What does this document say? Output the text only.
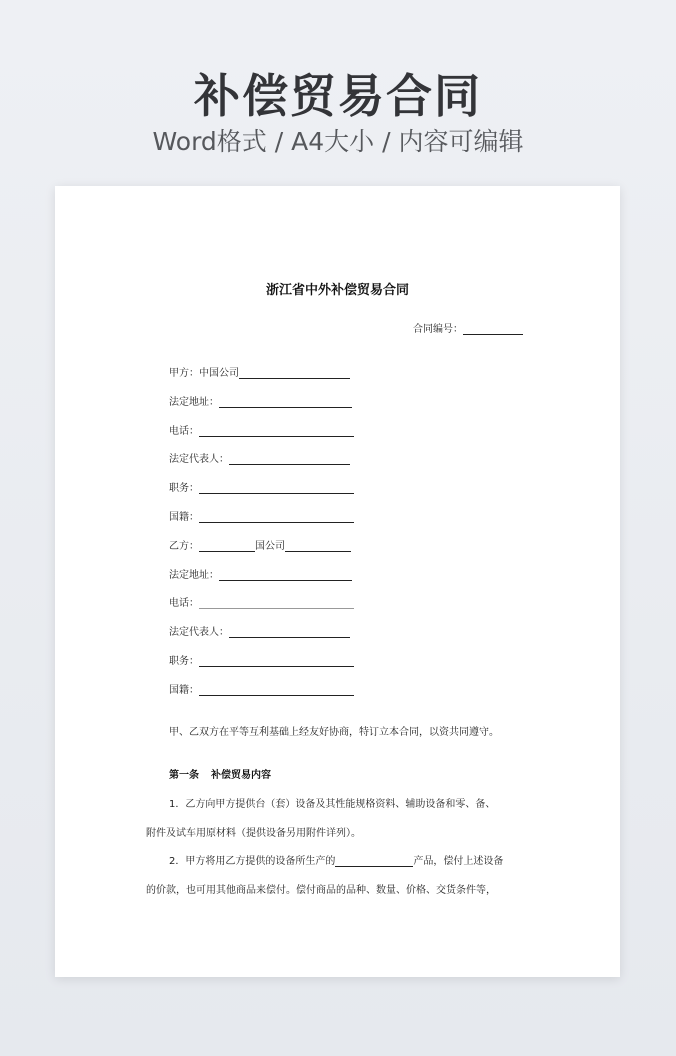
补偿贸易合同
Word格式 / A4大小 / 内容可编辑
浙江省中外补偿贸易合同
合同编号：
甲方：中国公司
法定地址：
电话：
法定代表人：
职务：
国籍：
乙方：	国公司
法定地址：
电话：
法定代表人：
职务：
国籍：
甲、乙双方在平等互利基础上经友好协商，特订立本合同，以资共同遵守。
第一条 补偿贸易内容
1．乙方向甲方提供台（套）设备及其性能规格资料、辅助设备和零、备、
附件及试车用原材料（提供设备另用附件详列）。
2．甲方将用乙方提供的设备所生产的	产品，偿付上述设备
的价款，也可用其他商品来偿付。偿付商品的品种、数量、价格、交货条件等，
